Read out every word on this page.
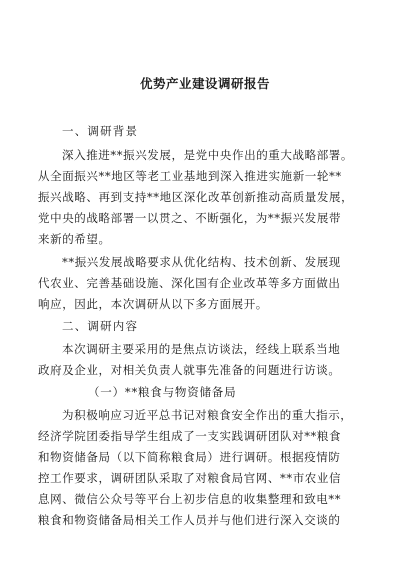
优势产业建设调研报告

一、调研背景

深入推进**振兴发展，是党中央作出的重大战略部署。

从全面振兴**地区等老工业基地到深入推进实施新一轮**

振兴战略、再到支持**地区深化改革创新推动高质量发展，

党中央的战略部署一以贯之、不断强化，为**振兴发展带

来新的希望。

**振兴发展战略要求从优化结构、技术创新、发展现

代农业、完善基础设施、深化国有企业改革等多方面做出

响应，因此，本次调研从以下多方面展开。

二、调研内容

本次调研主要采用的是焦点访谈法，经线上联系当地

政府及企业，对相关负责人就事先准备的问题进行访谈。

（一）**粮食与物资储备局

为积极响应习近平总书记对粮食安全作出的重大指示，

经济学院团委指导学生组成了一支实践调研团队对**粮食

和物资储备局（以下简称粮食局）进行调研。根据疫情防

控工作要求，调研团队采取了对粮食局官网、**市农业信

息网、微信公众号等平台上初步信息的收集整理和致电**

粮食和物资储备局相关工作人员并与他们进行深入交谈的
